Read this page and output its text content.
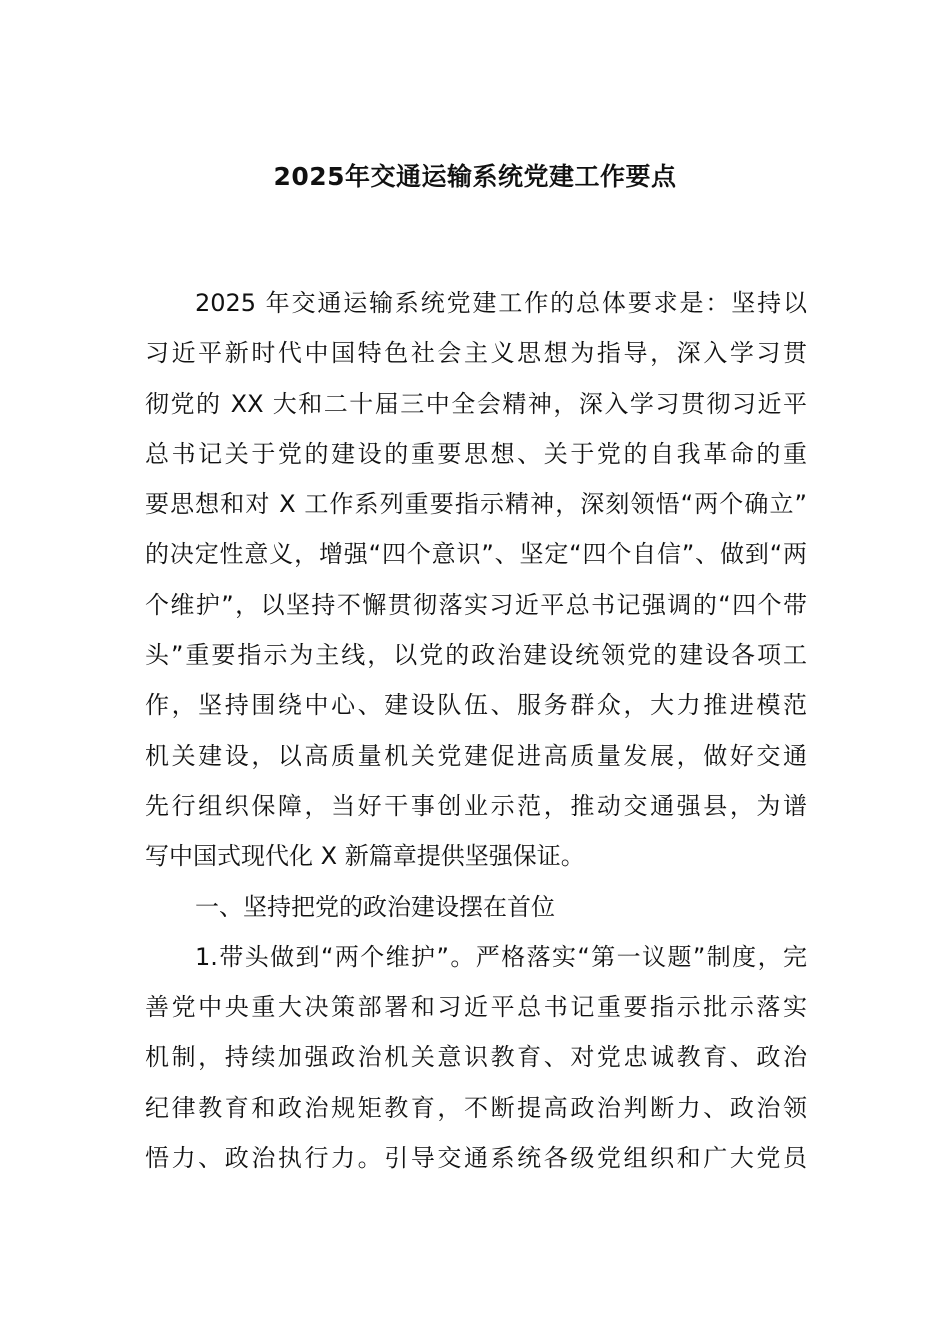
2025年交通运输系统党建工作要点
2025 年交通运输系统党建工作的总体要求是：坚持以
习近平新时代中国特色社会主义思想为指导，深入学习贯
彻党的 XX 大和二十届三中全会精神，深入学习贯彻习近平
总书记关于党的建设的重要思想、关于党的自我革命的重
要思想和对 X 工作系列重要指示精神，深刻领悟“两个确立”
的决定性意义，增强“四个意识”、坚定“四个自信”、做到“两
个维护”，以坚持不懈贯彻落实习近平总书记强调的“四个带
头”重要指示为主线，以党的政治建设统领党的建设各项工
作，坚持围绕中心、建设队伍、服务群众，大力推进模范
机关建设，以高质量机关党建促进高质量发展，做好交通
先行组织保障，当好干事创业示范，推动交通强县，为谱
写中国式现代化 X 新篇章提供坚强保证。
一、坚持把党的政治建设摆在首位
1.带头做到“两个维护”。严格落实“第一议题”制度，完
善党中央重大决策部署和习近平总书记重要指示批示落实
机制，持续加强政治机关意识教育、对党忠诚教育、政治
纪律教育和政治规矩教育，不断提高政治判断力、政治领
悟力、政治执行力。引导交通系统各级党组织和广大党员
